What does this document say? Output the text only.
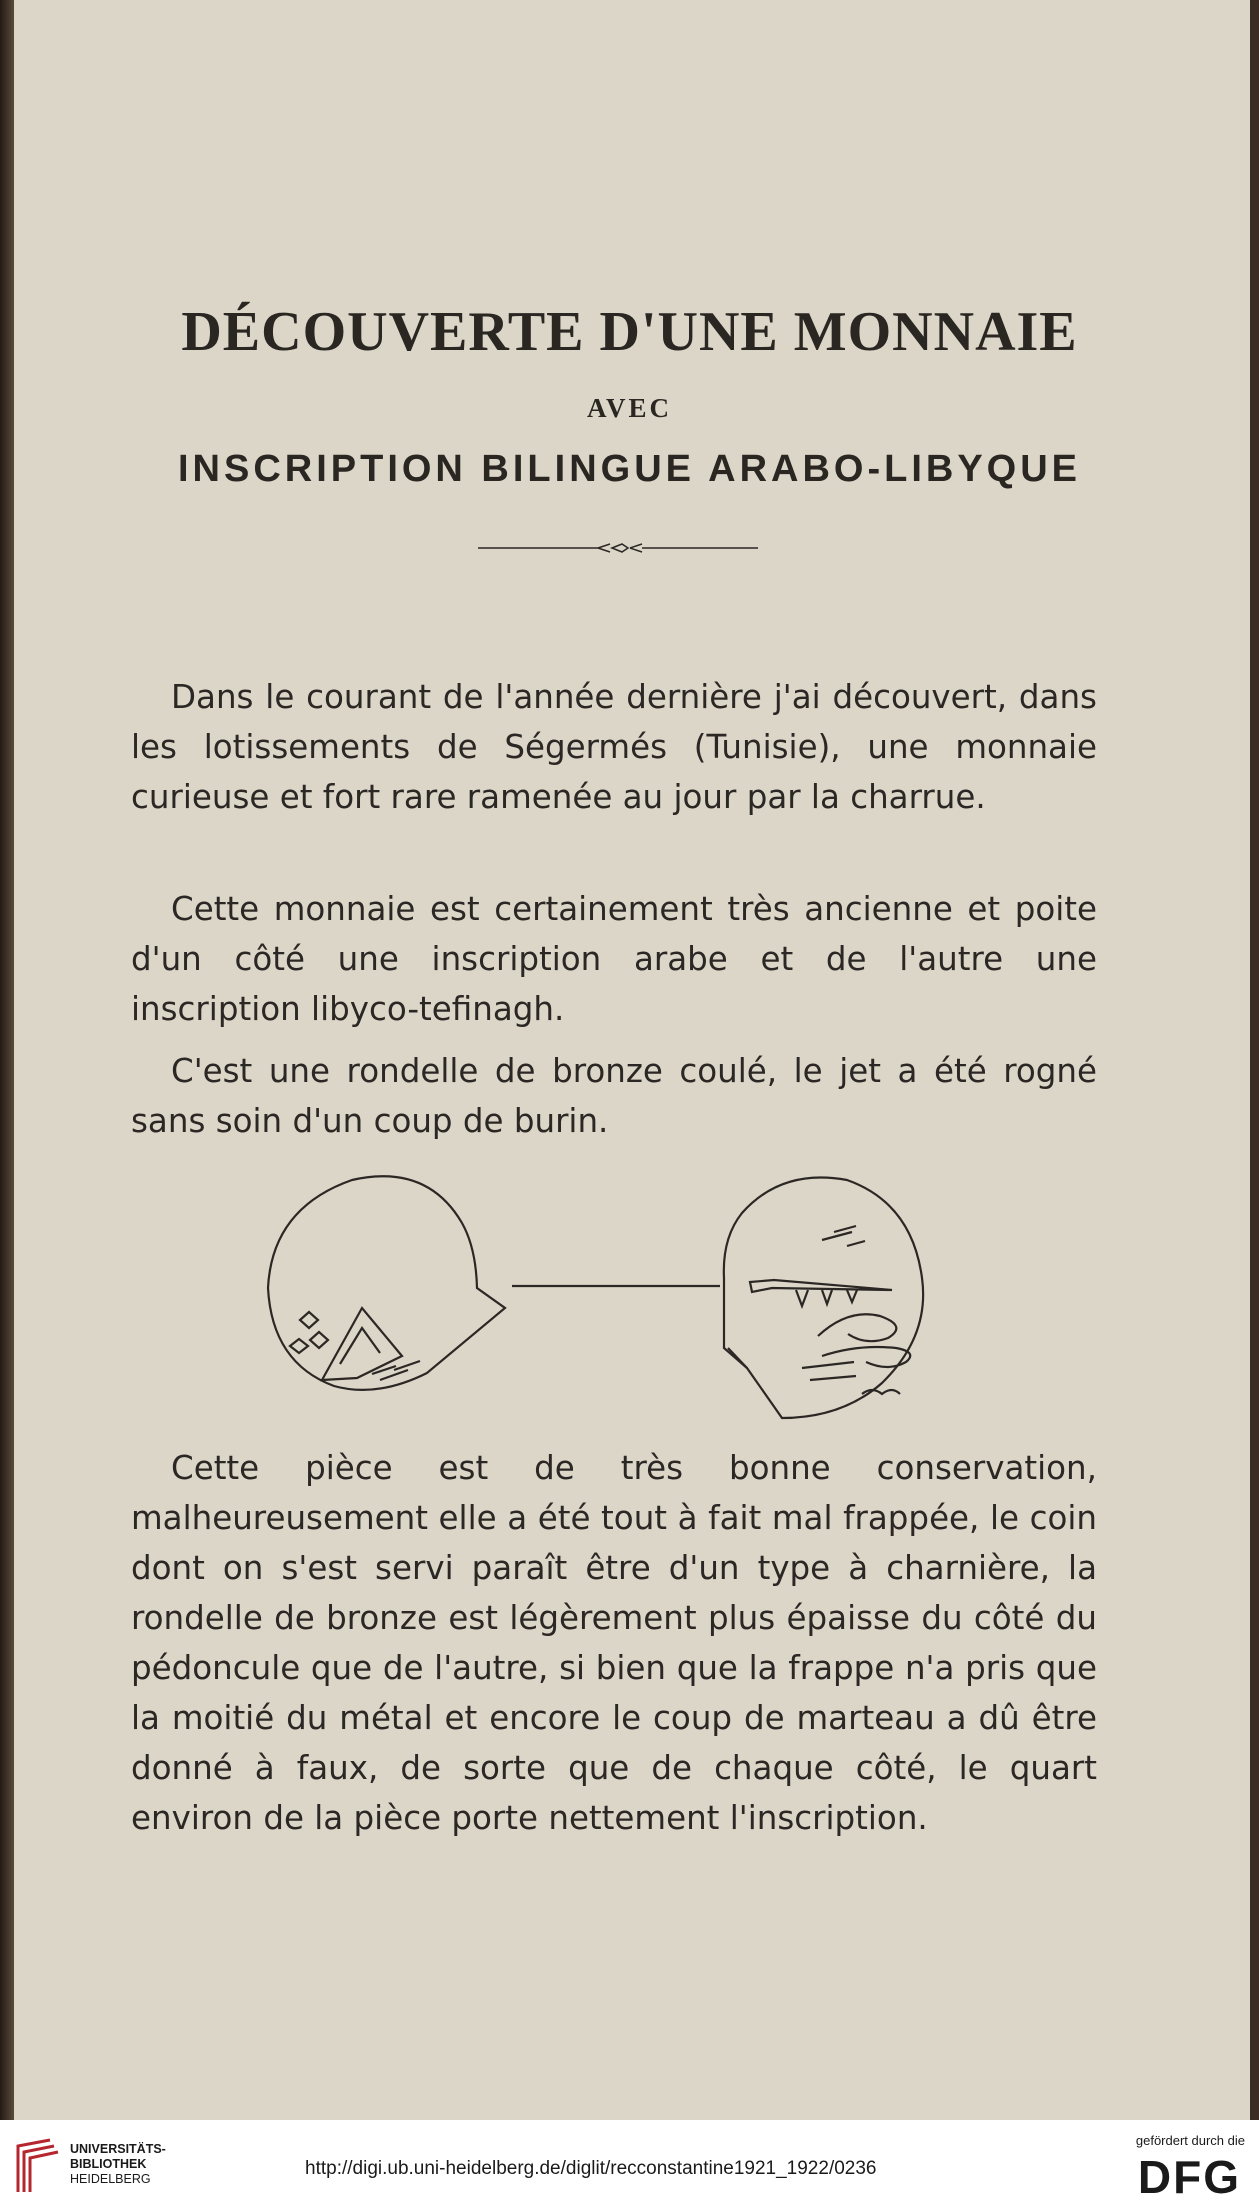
DÉCOUVERTE D'UNE MONNAIE
AVEC
INSCRIPTION BILINGUE ARABO-LIBYQUE

Dans le courant de l'année dernière j'ai découvert, dans les lotissements de Ségermés (Tunisie), une monnaie curieuse et fort rare ramenée au jour par la charrue.

Cette monnaie est certainement très ancienne et poite d'un côté une inscription arabe et de l'autre une inscription libyco-tefinagh.

C'est une rondelle de bronze coulé, le jet a été rogné sans soin d'un coup de burin.

Cette pièce est de très bonne conservation, malheureusement elle a été tout à fait mal frappée, le coin dont on s'est servi paraît être d'un type à charnière, la rondelle de bronze est légèrement plus épaisse du côté du pédoncule que de l'autre, si bien que la frappe n'a pris que la moitié du métal et encore le coup de marteau a dû être donné à faux, de sorte que de chaque côté, le quart environ de la pièce porte nettement l'inscription.

UNIVERSITÄTS-
BIBLIOTHEK
HEIDELBERG	http://digi.ub.uni-heidelberg.de/diglit/recconstantine1921_1922/0236
gefördert durch die
DFG
